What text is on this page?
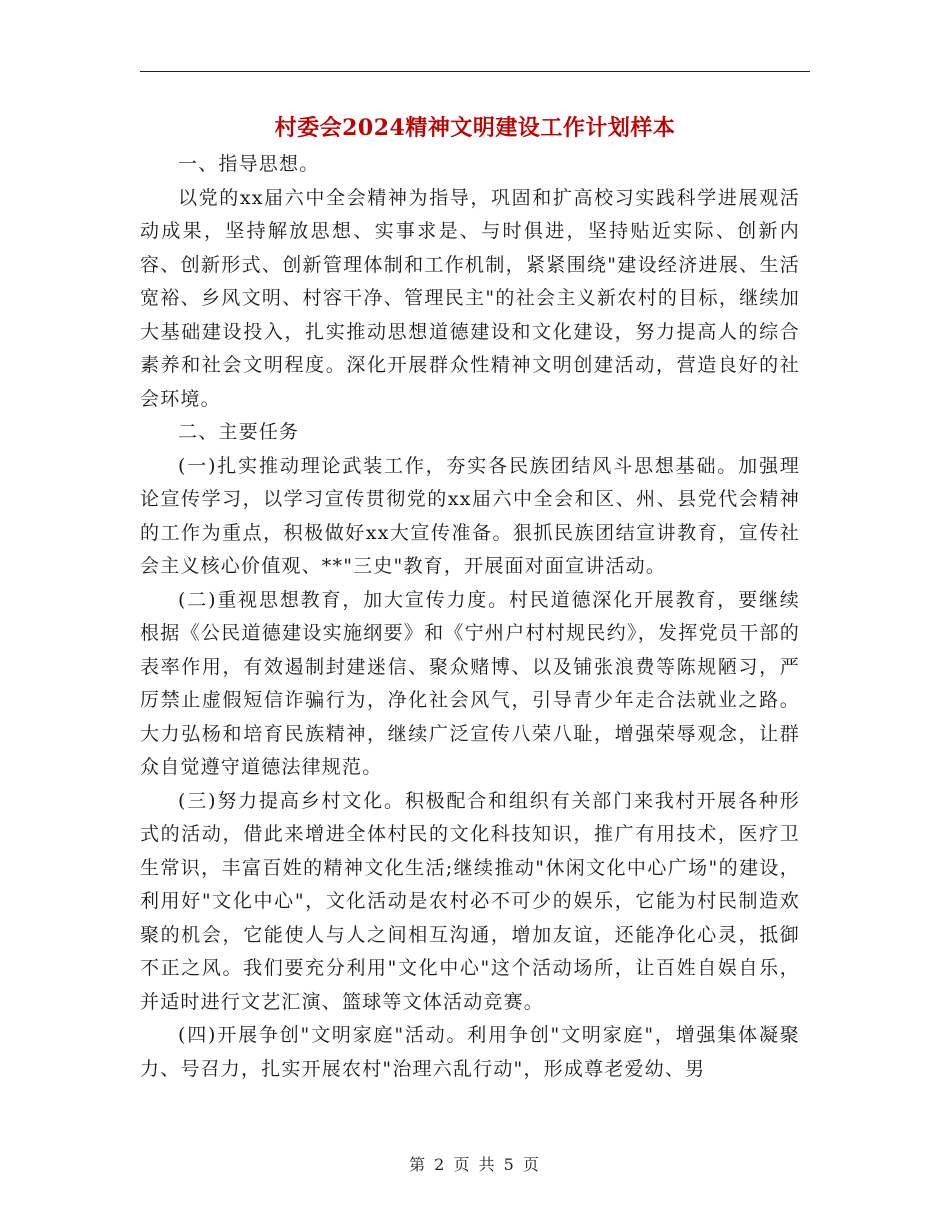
村委会2024精神文明建设工作计划样本

一、指导思想。

以党的xx届六中全会精神为指导，巩固和扩高校习实践科学进展观活动成果，坚持解放思想、实事求是、与时俱进，坚持贴近实际、创新内容、创新形式、创新管理体制和工作机制，紧紧围绕"建设经济进展、生活宽裕、乡风文明、村容干净、管理民主"的社会主义新农村的目标，继续加大基础建设投入，扎实推动思想道德建设和文化建设，努力提高人的综合素养和社会文明程度。深化开展群众性精神文明创建活动，营造良好的社会环境。

二、主要任务

(一)扎实推动理论武装工作，夯实各民族团结风斗思想基础。加强理论宣传学习，以学习宣传贯彻党的xx届六中全会和区、州、县党代会精神的工作为重点，积极做好xx大宣传准备。狠抓民族团结宣讲教育，宣传社会主义核心价值观、**"三史"教育，开展面对面宣讲活动。

(二)重视思想教育，加大宣传力度。村民道德深化开展教育，要继续根据《公民道德建设实施纲要》和《宁州户村村规民约》，发挥党员干部的表率作用，有效遏制封建迷信、聚众赌博、以及铺张浪费等陈规陋习，严厉禁止虚假短信诈骗行为，净化社会风气，引导青少年走合法就业之路。大力弘杨和培育民族精神，继续广泛宣传八荣八耻，增强荣辱观念，让群众自觉遵守道德法律规范。

(三)努力提高乡村文化。积极配合和组织有关部门来我村开展各种形式的活动，借此来增进全体村民的文化科技知识，推广有用技术，医疗卫生常识，丰富百姓的精神文化生活;继续推动"休闲文化中心广场"的建设，利用好"文化中心"，文化活动是农村必不可少的娱乐，它能为村民制造欢聚的机会，它能使人与人之间相互沟通，增加友谊，还能净化心灵，抵御不正之风。我们要充分利用"文化中心"这个活动场所，让百姓自娱自乐，并适时进行文艺汇演、篮球等文体活动竞赛。

(四)开展争创"文明家庭"活动。利用争创"文明家庭"，增强集体凝聚力、号召力，扎实开展农村"治理六乱行动"，形成尊老爱幼、男

第 2 页 共 5 页
